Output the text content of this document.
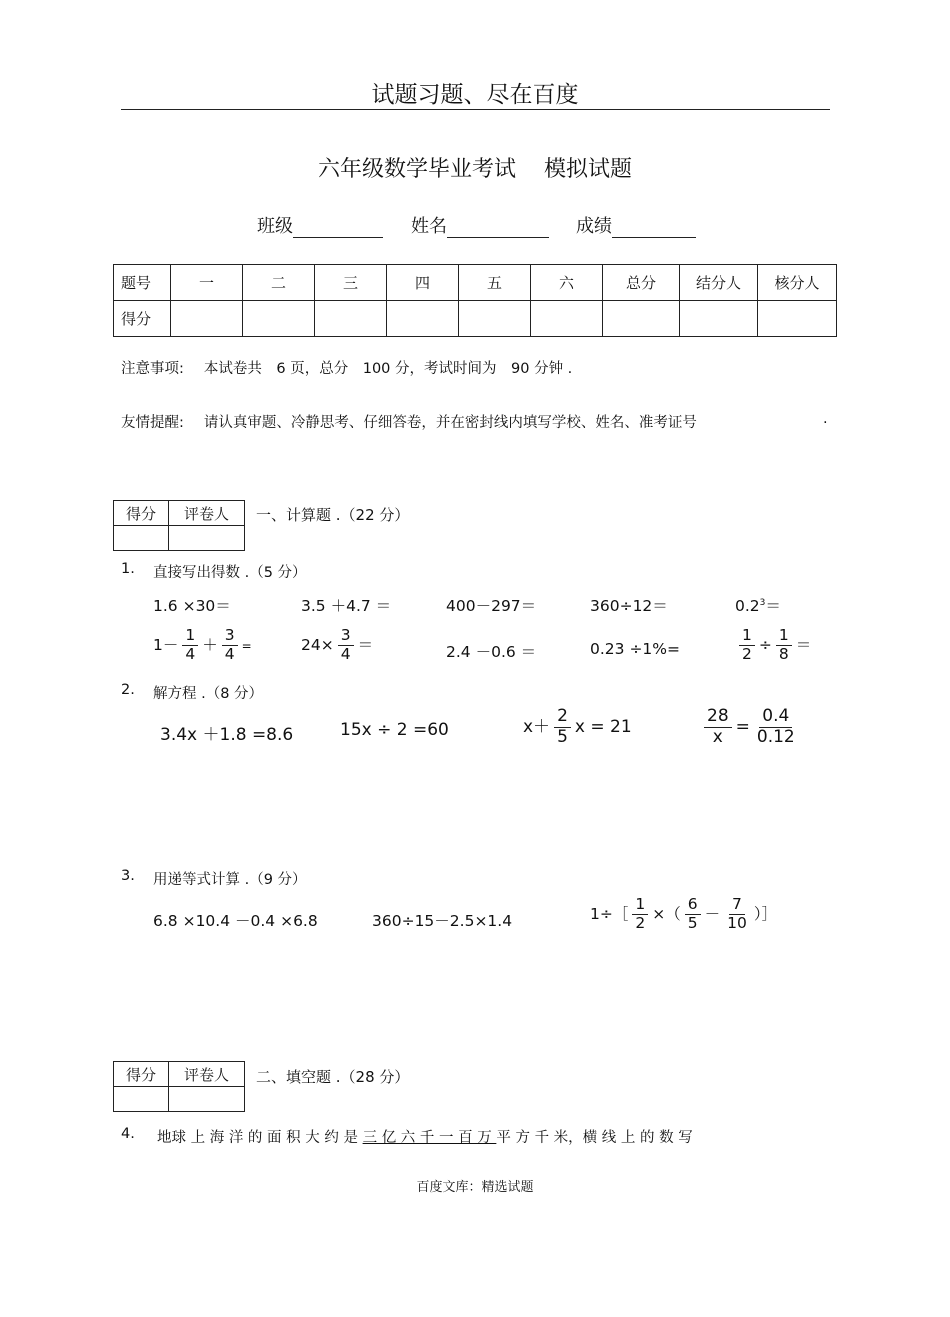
试题习题、尽在百度
六年级数学毕业考试 模拟试题
班级	姓名	成绩
题号	一	二	三	四	五	六	总分	结分人	核分人
得分									
注意事项: 本试卷共　6 页，总分　100 分，考试时间为　90 分钟 .
友情提醒: 请认真审题、冷静思考、仔细答卷，并在密封线内填写学校、姓名、准考证号	.
得分	评卷人
	一、计算题 .（22 分）
1. 直接写出得数 .（5 分）
1.6 ×30＝	3.5 ＋4.7 ＝	400－297＝	360÷12＝	$0.2^3=$
$1- \frac{1}{4} + \frac{3}{4}$ =	$24\times \frac{3}{4}$ ＝	2.4 －0.6 ＝	0.23 ÷1%=	$\frac{1}{2} \div \frac{1}{8}$ ＝
2. 解方程 .（8 分）
3.4x ＋1.8 =8.6	15x ÷ 2 =60	$x+ \frac{2}{5}$ x = 21	$\frac{28}{x} = \frac{0.4}{0.12}$
3. 用递等式计算 .（9 分）
6.8 ×10.4 －0.4 ×6.8	360÷15－2.5×1.4	1÷［ $\frac{1}{2}$ ×（ $\frac{6}{5} - \frac{7}{10}$ ）］
得分	评卷人
	二、填空题 .（28 分）
4. 地球 上 海 洋 的 面 积 大 约 是 三 亿 六 千 一 百 万 平 方 千 米，横 线 上 的 数 写
百度文库：精选试题
